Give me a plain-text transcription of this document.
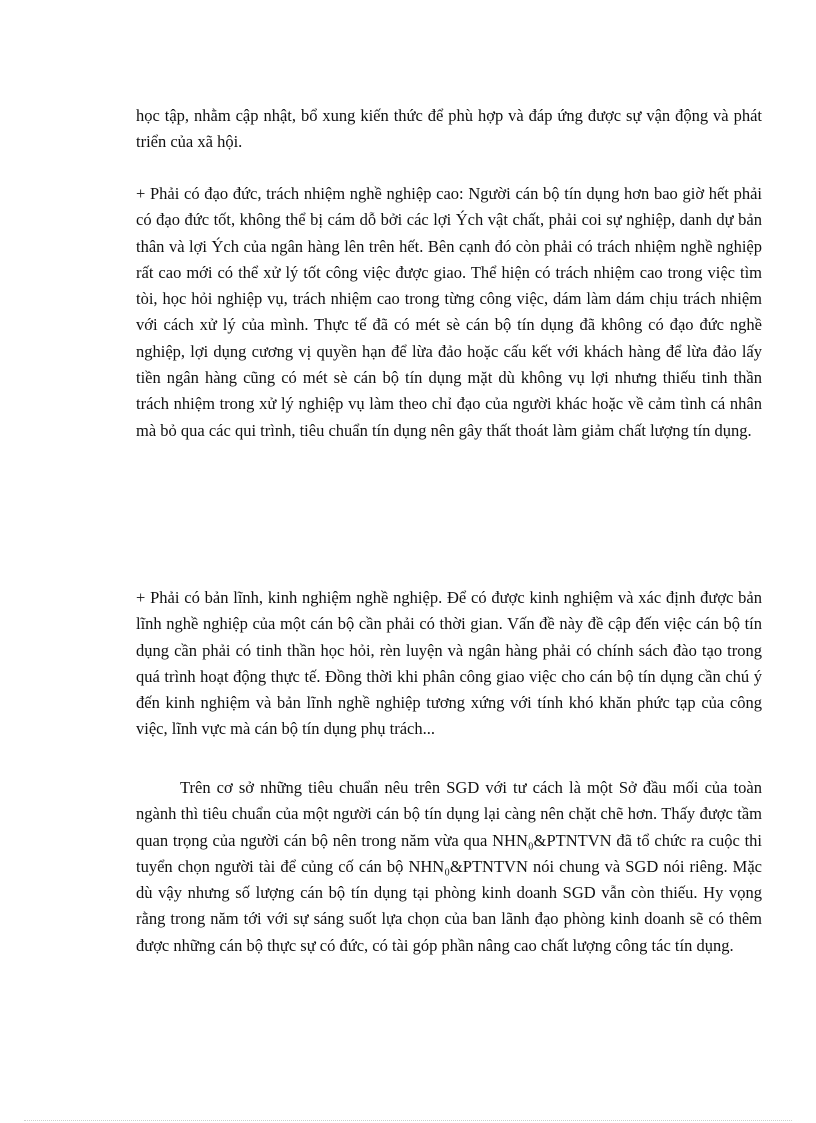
học tập, nhằm cập nhật, bổ xung kiến thức để phù hợp và đáp ứng được sự vận động và phát triển của xã hội.

+ Phải có đạo đức, trách nhiệm nghề nghiệp cao: Người cán bộ tín dụng hơn bao giờ hết phải có đạo đức tốt, không thể bị cám dỗ bởi các lợi Ých vật chất, phải coi sự nghiệp, danh dự bản thân và lợi Ých của ngân hàng lên trên hết. Bên cạnh đó còn phải có trách nhiệm nghề nghiệp rất cao mới có thể xử lý tốt công việc được giao. Thể hiện có trách nhiệm cao trong việc tìm tòi, học hỏi nghiệp vụ, trách nhiệm cao trong từng công việc, dám làm dám chịu trách nhiệm với cách xử lý của mình. Thực tế đã có mét sè cán bộ tín dụng đã không có đạo đức nghề nghiệp, lợi dụng cương vị quyền hạn để lừa đảo hoặc cấu kết với khách hàng để lừa đảo lấy tiền ngân hàng cũng có mét sè cán bộ tín dụng mặt dù không vụ lợi nhưng thiếu tinh thần trách nhiệm trong xử lý nghiệp vụ làm theo chỉ đạo của người khác hoặc về cảm tình cá nhân mà bỏ qua các qui trình, tiêu chuẩn tín dụng nên gây thất thoát làm giảm chất lượng tín dụng.

+ Phải có bản lĩnh, kinh nghiệm nghề nghiệp. Để có được kinh nghiệm và xác định được bản lĩnh nghề nghiệp của một cán bộ cần phải có thời gian. Vấn đề này đề cập đến việc cán bộ tín dụng cần phải có tinh thần học hỏi, rèn luyện và ngân hàng phải có chính sách đào tạo trong quá trình hoạt động thực tế. Đồng thời khi phân công giao việc cho cán bộ tín dụng cần chú ý đến kinh nghiệm và bản lĩnh nghề nghiệp tương xứng với tính khó khăn phức tạp của công việc, lĩnh vực mà cán bộ tín dụng phụ trách...

Trên cơ sở những tiêu chuẩn nêu trên SGD với tư cách là một Sở đầu mối của toàn ngành thì tiêu chuẩn của một người cán bộ tín dụng lại càng nên chặt chẽ hơn. Thấy được tầm quan trọng của người cán bộ nên trong năm vừa qua NHN₀&PTNTVN đã tổ chức ra cuộc thi tuyển chọn người tài để củng cố cán bộ NHN₀&PTNTVN nói chung và SGD nói riêng. Mặc dù vậy nhưng số lượng cán bộ tín dụng tại phòng kinh doanh SGD vẫn còn thiếu. Hy vọng rằng trong năm tới với sự sáng suốt lựa chọn của ban lãnh đạo phòng kinh doanh sẽ có thêm được những cán bộ thực sự có đức, có tài góp phần nâng cao chất lượng công tác tín dụng.
